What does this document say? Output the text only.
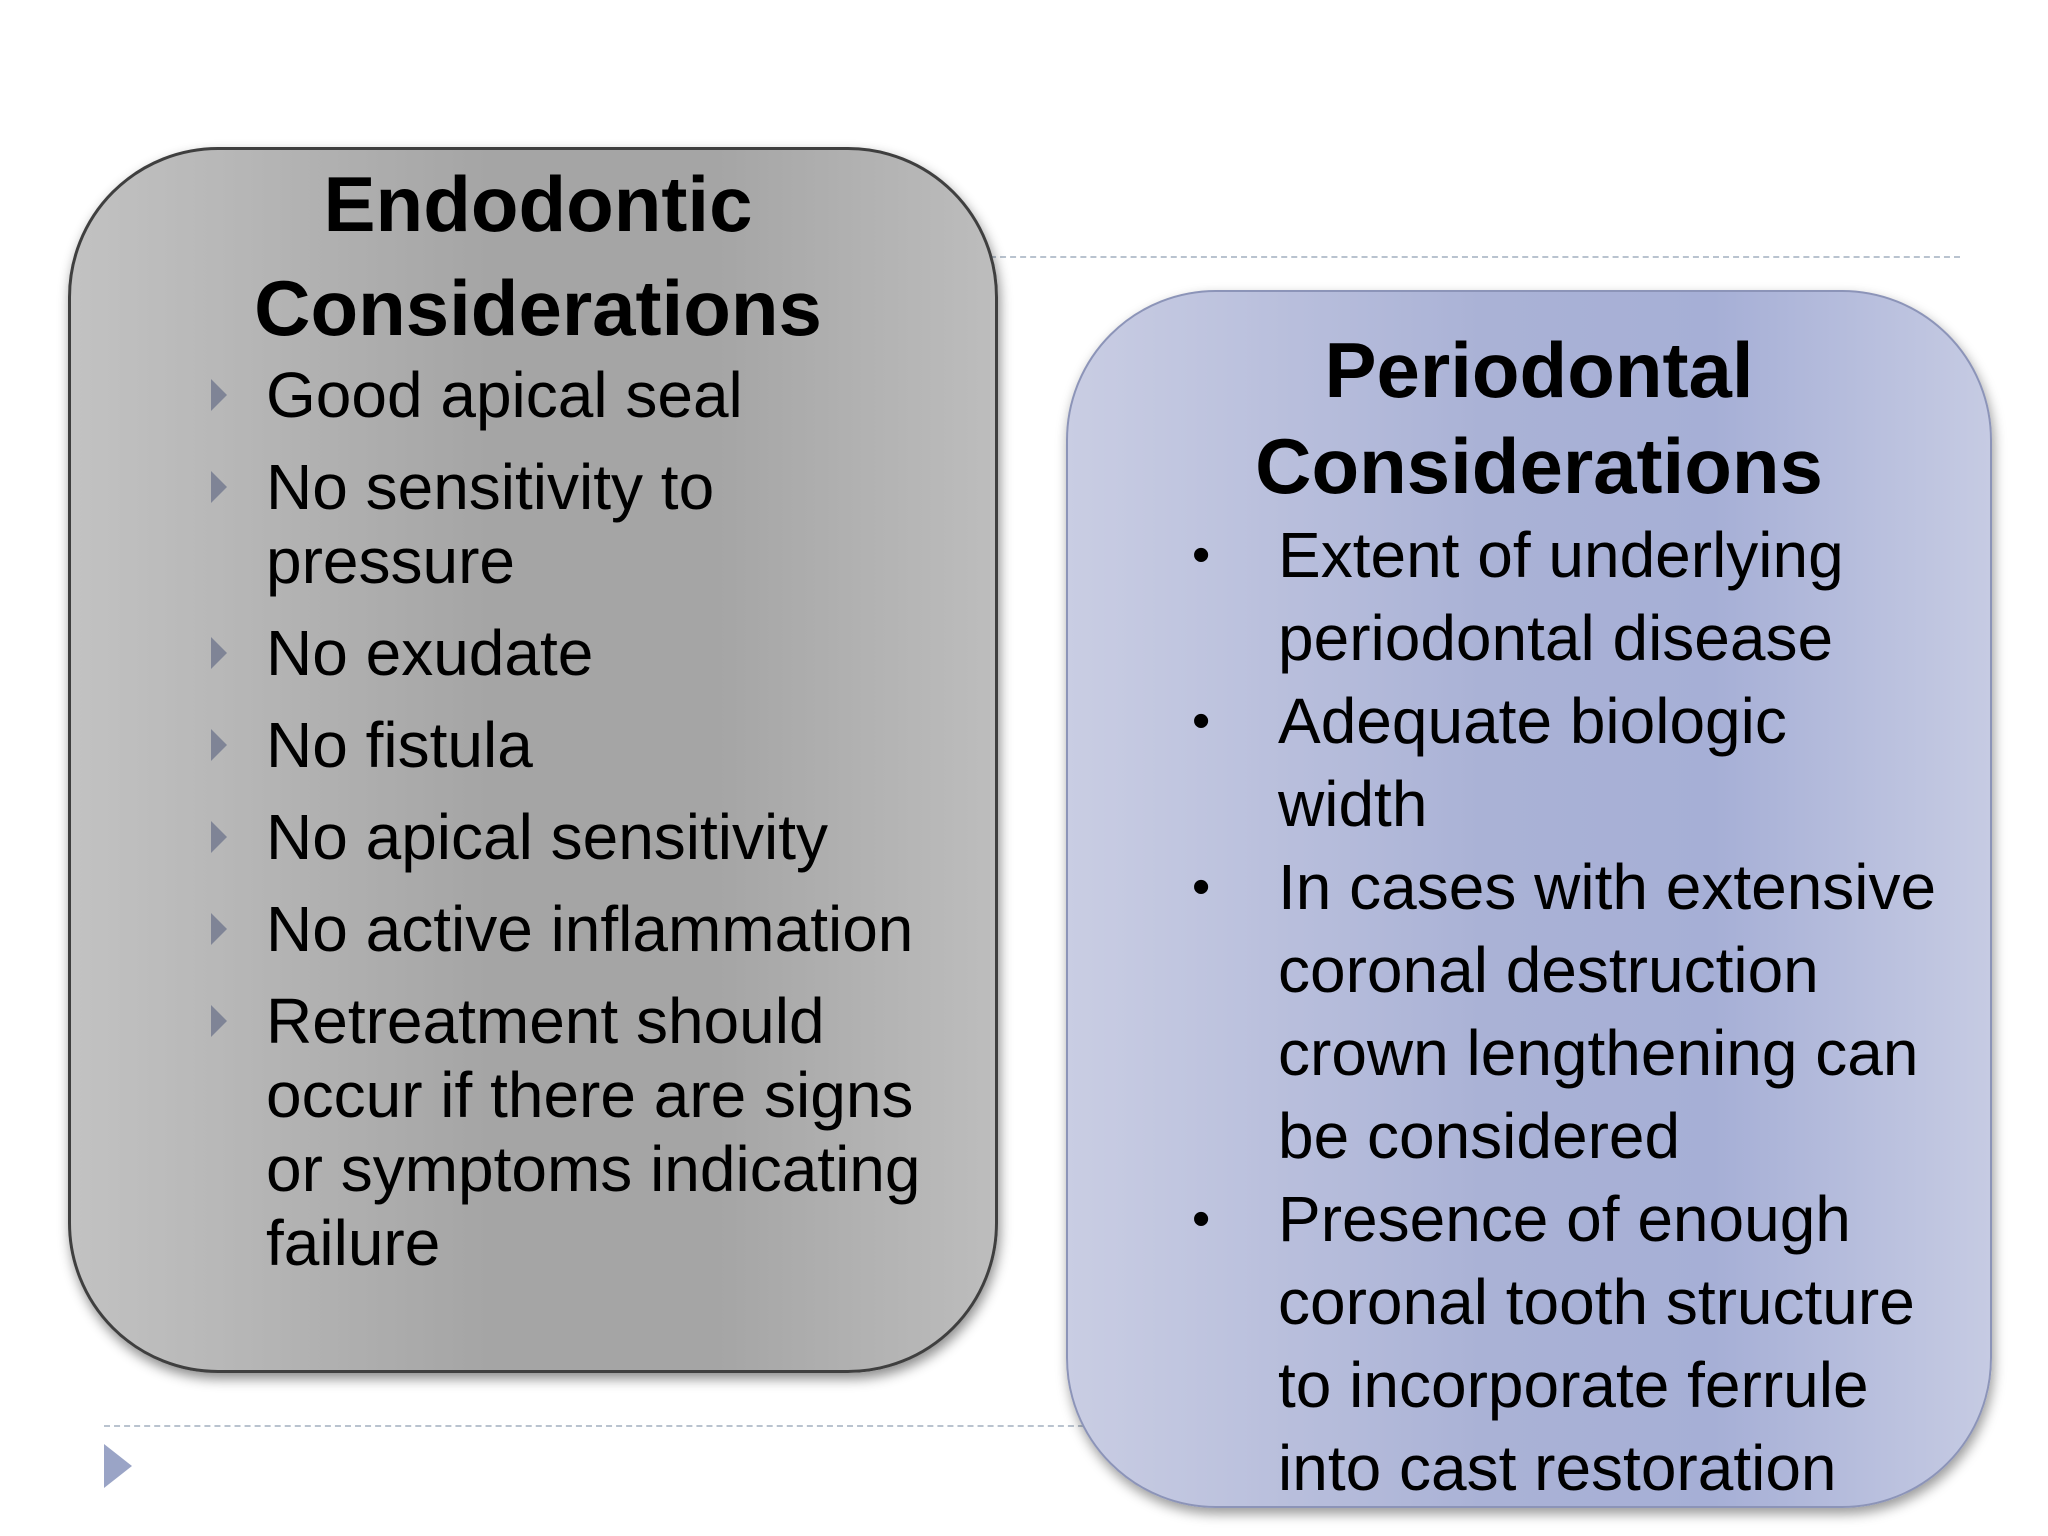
Endodontic
Considerations
Good apical seal
No sensitivity to pressure
No exudate
No fistula
No apical sensitivity
No active inflammation
Retreatment should occur if there are signs or symptoms indicating failure
Periodontal
Considerations
• Extent of underlying periodontal disease
• Adequate biologic width
• In cases with extensive coronal destruction crown lengthening can be considered
• Presence of enough coronal tooth structure to incorporate ferrule into cast restoration
